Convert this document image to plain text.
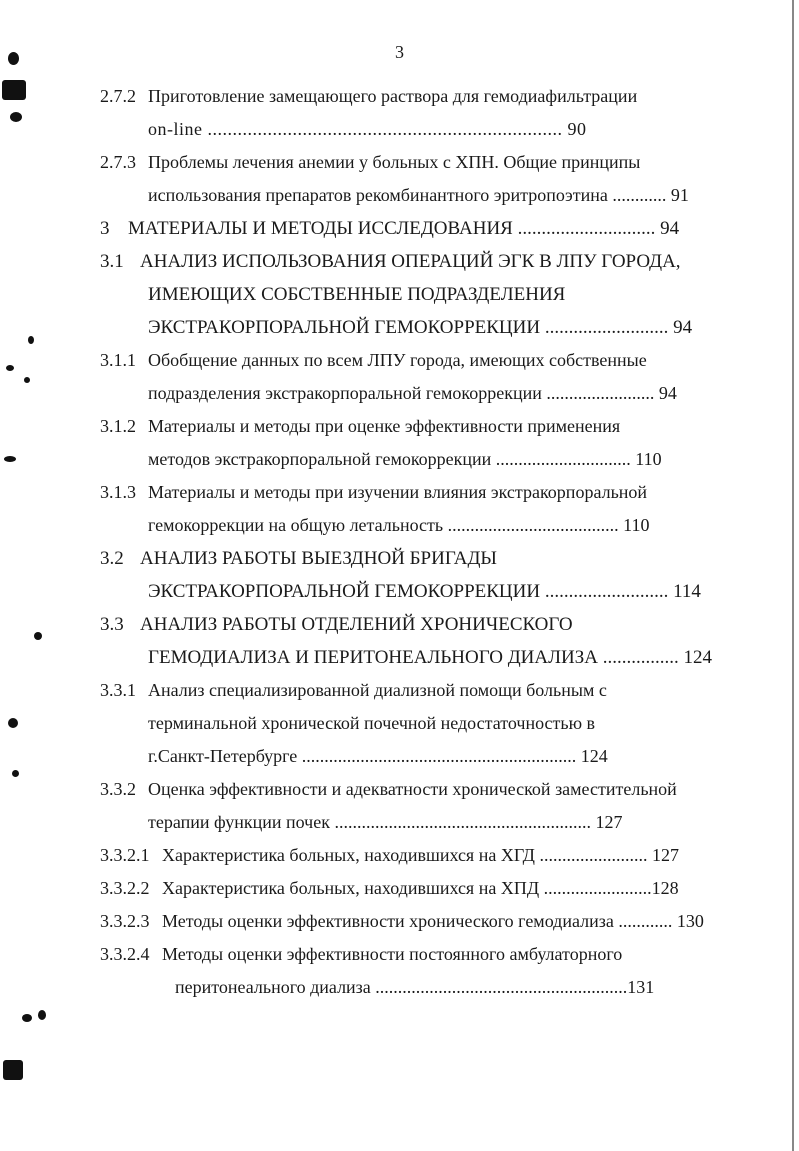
3
2.7.2 Приготовление замещающего раствора для гемодиафильтрации
on-line ....................................................................... 90
2.7.3 Проблемы лечения анемии у больных с ХПН. Общие принципы
использования препаратов рекомбинантного эритропоэтина ............ 91
3 МАТЕРИАЛЫ И МЕТОДЫ ИССЛЕДОВАНИЯ ............................. 94
3.1 АНАЛИЗ ИСПОЛЬЗОВАНИЯ ОПЕРАЦИЙ ЭГК В ЛПУ ГОРОДА,
ИМЕЮЩИХ СОБСТВЕННЫЕ ПОДРАЗДЕЛЕНИЯ
ЭКСТРАКОРПОРАЛЬНОЙ ГЕМОКОРРЕКЦИИ .......................... 94
3.1.1 Обобщение данных по всем ЛПУ города, имеющих собственные
подразделения экстракорпоральной гемокоррекции ........................ 94
3.1.2 Материалы и методы при оценке эффективности применения
методов экстракорпоральной гемокоррекции .............................. 110
3.1.3 Материалы и методы при изучении влияния экстракорпоральной
гемокоррекции на общую летальность ...................................... 110
3.2 АНАЛИЗ РАБОТЫ ВЫЕЗДНОЙ БРИГАДЫ
ЭКСТРАКОРПОРАЛЬНОЙ ГЕМОКОРРЕКЦИИ .......................... 114
3.3 АНАЛИЗ РАБОТЫ ОТДЕЛЕНИЙ ХРОНИЧЕСКОГО
ГЕМОДИАЛИЗА И ПЕРИТОНЕАЛЬНОГО ДИАЛИЗА ................ 124
3.3.1 Анализ специализированной диализной помощи больным с
терминальной хронической почечной недостаточностью в
г.Санкт-Петербурге ............................................................. 124
3.3.2 Оценка эффективности и адекватности хронической заместительной
терапии функции почек ......................................................... 127
3.3.2.1 Характеристика больных, находившихся на ХГД ........................ 127
3.3.2.2 Характеристика больных, находившихся на ХПД ........................128
3.3.2.3 Методы оценки эффективности хронического гемодиализа ............ 130
3.3.2.4 Методы оценки эффективности постоянного амбулаторного
перитонеального диализа ........................................................131
